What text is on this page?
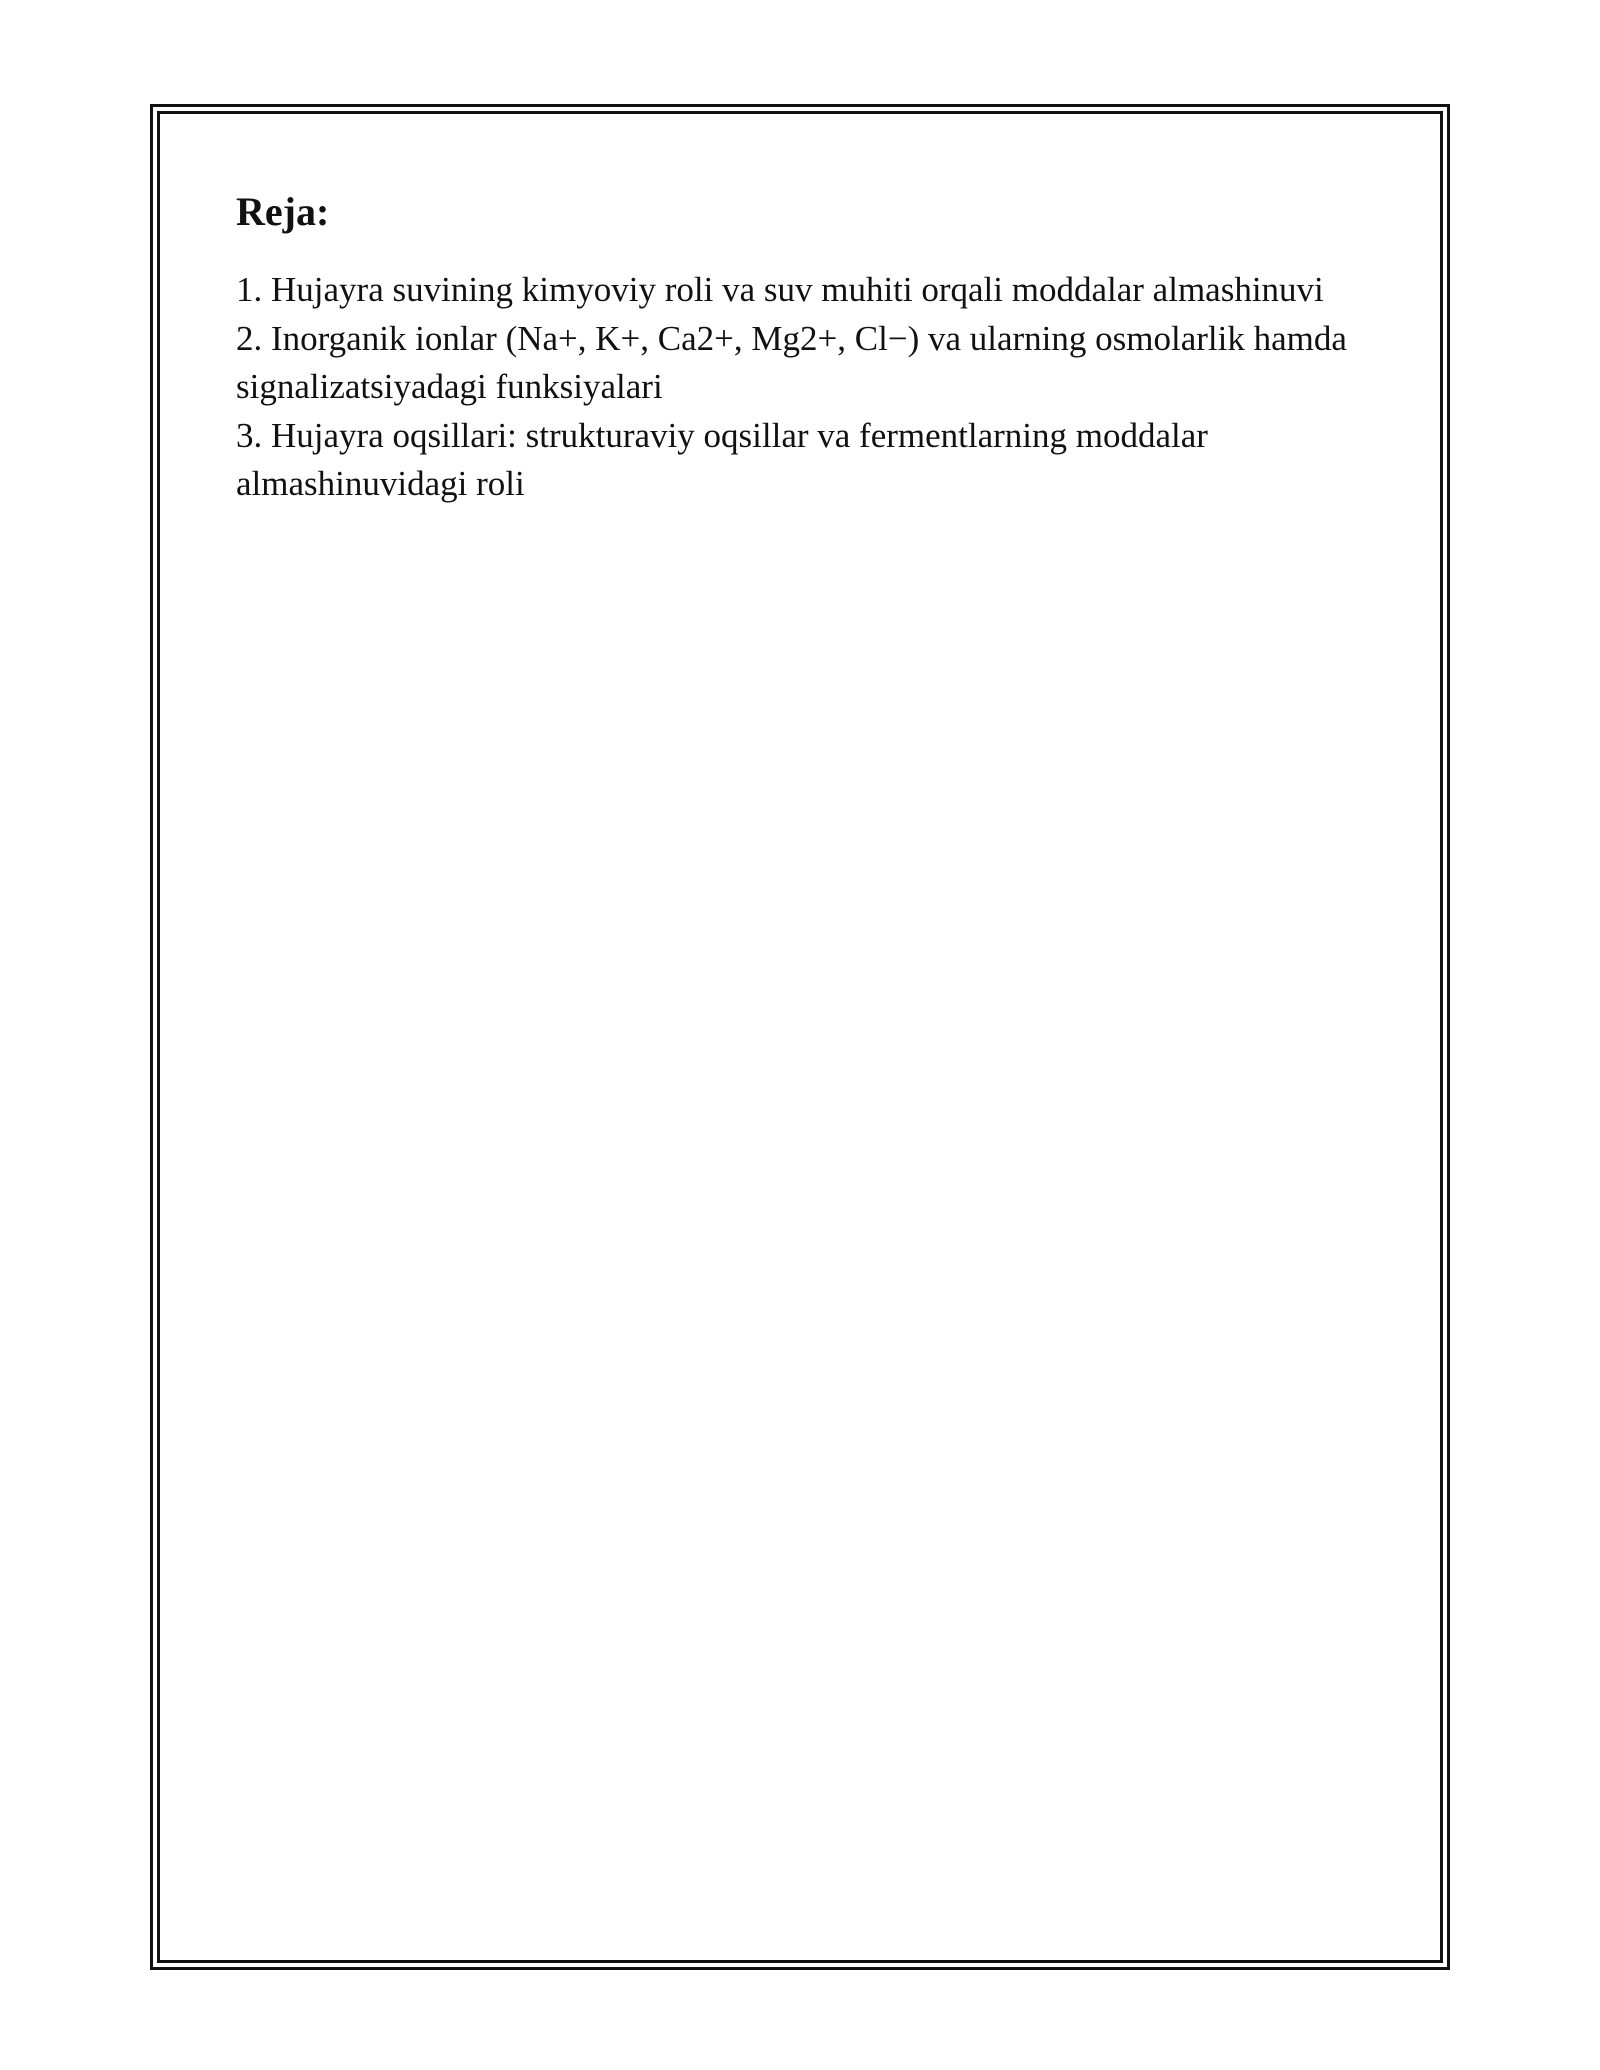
Reja:
1. Hujayra suvining kimyoviy roli va suv muhiti orqali moddalar almashinuvi
2. Inorganik ionlar (Na+, K+, Ca2+, Mg2+, Cl−) va ularning osmolarlik hamda signalizatsiyadagi funksiyalari
3. Hujayra oqsillari: strukturaviy oqsillar va fermentlarning moddalar almashinuvidagi roli
